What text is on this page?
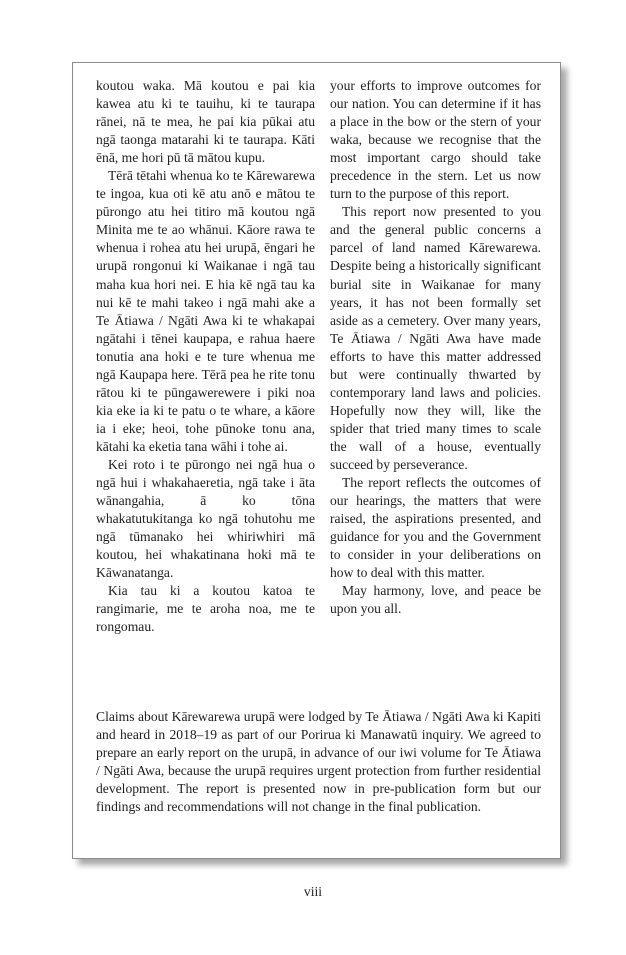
koutou waka. Mā koutou e pai kia kawea atu ki te tauihu, ki te taurapa rānei, nā te mea, he pai kia pūkai atu ngā taonga matarahi ki te taurapa. Kāti ēnā, me hori pū tā mātou kupu.

Tērā tētahi whenua ko te Kārewarewa te ingoa, kua oti kē atu anō e mātou te pūrongo atu hei titiro mā koutou ngā Minita me te ao whānui. Kāore rawa te whenua i rohea atu hei urupā, ēngari he urupā rongonui ki Waikanae i ngā tau maha kua hori nei. E hia kē ngā tau ka nui kē te mahi takeo i ngā mahi ake a Te Ātiawa / Ngāti Awa ki te whakapai ngātahi i tēnei kaupapa, e rahua haere tonutia ana hoki e te ture whenua me ngā Kaupapa here. Tērā pea he rite tonu rātou ki te pūngawerewere i piki noa kia eke ia ki te patu o te whare, a kāore ia i eke; heoi, tohe pūnoke tonu ana, kātahi ka eketia tana wāhi i tohe ai.

Kei roto i te pūrongo nei ngā hua o ngā hui i whakahaeretia, ngā take i āta wānangahia, ā ko tōna whakatutukitanga ko ngā tohutohu me ngā tūmanako hei whiriwhiri mā koutou, hei whakatinana hoki mā te Kāwanatanga.

Kia tau ki a koutou katoa te rangimarie, me te aroha noa, me te rongomau.

your efforts to improve outcomes for our nation. You can determine if it has a place in the bow or the stern of your waka, because we recognise that the most important cargo should take precedence in the stern. Let us now turn to the purpose of this report.

This report now presented to you and the general public concerns a parcel of land named Kārewarewa. Despite being a historically significant burial site in Waikanae for many years, it has not been formally set aside as a cemetery. Over many years, Te Ātiawa / Ngāti Awa have made efforts to have this matter addressed but were continually thwarted by contemporary land laws and policies. Hopefully now they will, like the spider that tried many times to scale the wall of a house, eventually succeed by perseverance.

The report reflects the outcomes of our hearings, the matters that were raised, the aspirations presented, and guidance for you and the Government to consider in your deliberations on how to deal with this matter.

May harmony, love, and peace be upon you all.

Claims about Kārewarewa urupā were lodged by Te Ātiawa / Ngāti Awa ki Kapiti and heard in 2018–19 as part of our Porirua ki Manawatū inquiry. We agreed to prepare an early report on the urupā, in advance of our iwi volume for Te Ātiawa / Ngāti Awa, because the urupā requires urgent protection from further residential development. The report is presented now in pre-publication form but our findings and recommendations will not change in the final publication.

viii
